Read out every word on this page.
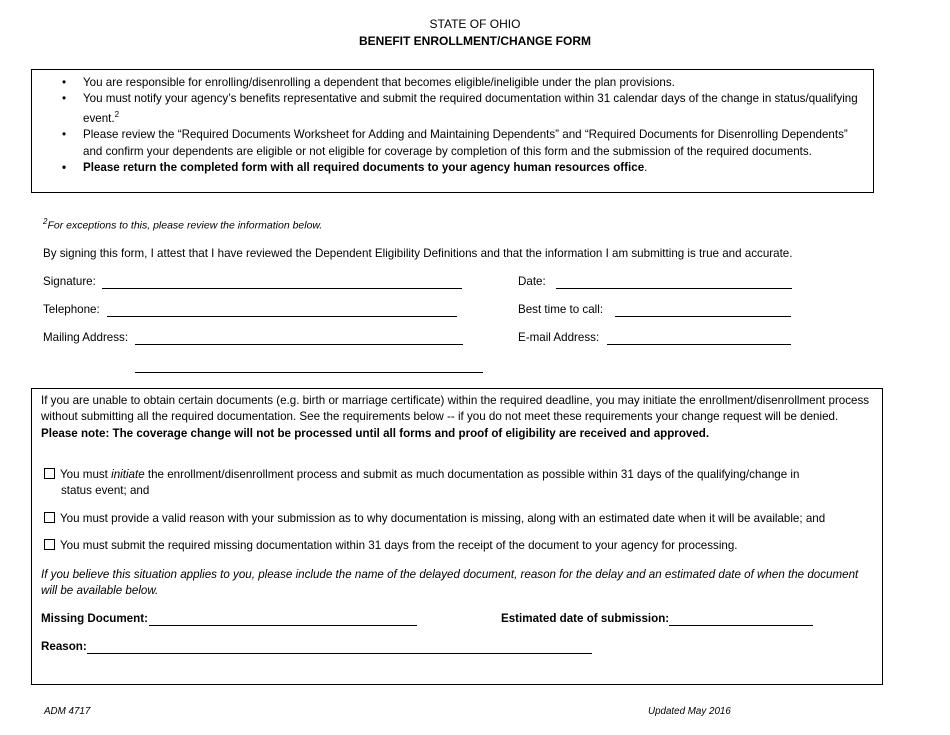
STATE OF OHIO
BENEFIT ENROLLMENT/CHANGE FORM
• You are responsible for enrolling/disenrolling a dependent that becomes eligible/ineligible under the plan provisions.
• You must notify your agency’s benefits representative and submit the required documentation within 31 calendar days of the change in status/qualifying event.$^2$
• Please review the “Required Documents Worksheet for Adding and Maintaining Dependents” and “Required Documents for Disenrolling Dependents” and confirm your dependents are eligible or not eligible for coverage by completion of this form and the submission of the required documents.
• Please return the completed form with all required documents to your agency human resources office.
$^2$For exceptions to this, please review the information below.
By signing this form, I attest that I have reviewed the Dependent Eligibility Definitions and that the information I am submitting is true and accurate.
Signature:	Date:
Telephone:	Best time to call:
Mailing Address:	E-mail Address:
If you are unable to obtain certain documents (e.g. birth or marriage certificate) within the required deadline, you may initiate the enrollment/disenrollment process without submitting all the required documentation. See the requirements below -- if you do not meet these requirements your change request will be denied. Please note: The coverage change will not be processed until all forms and proof of eligibility are received and approved.
You must initiate the enrollment/disenrollment process and submit as much documentation as possible within 31 days of the qualifying/change in
status event; and
You must provide a valid reason with your submission as to why documentation is missing, along with an estimated date when it will be available; and
You must submit the required missing documentation within 31 days from the receipt of the document to your agency for processing.
If you believe this situation applies to you, please include the name of the delayed document, reason for the delay and an estimated date of when the document will be available below.
Missing Document:	Estimated date of submission:
Reason:
ADM 4717	Updated May 2016
